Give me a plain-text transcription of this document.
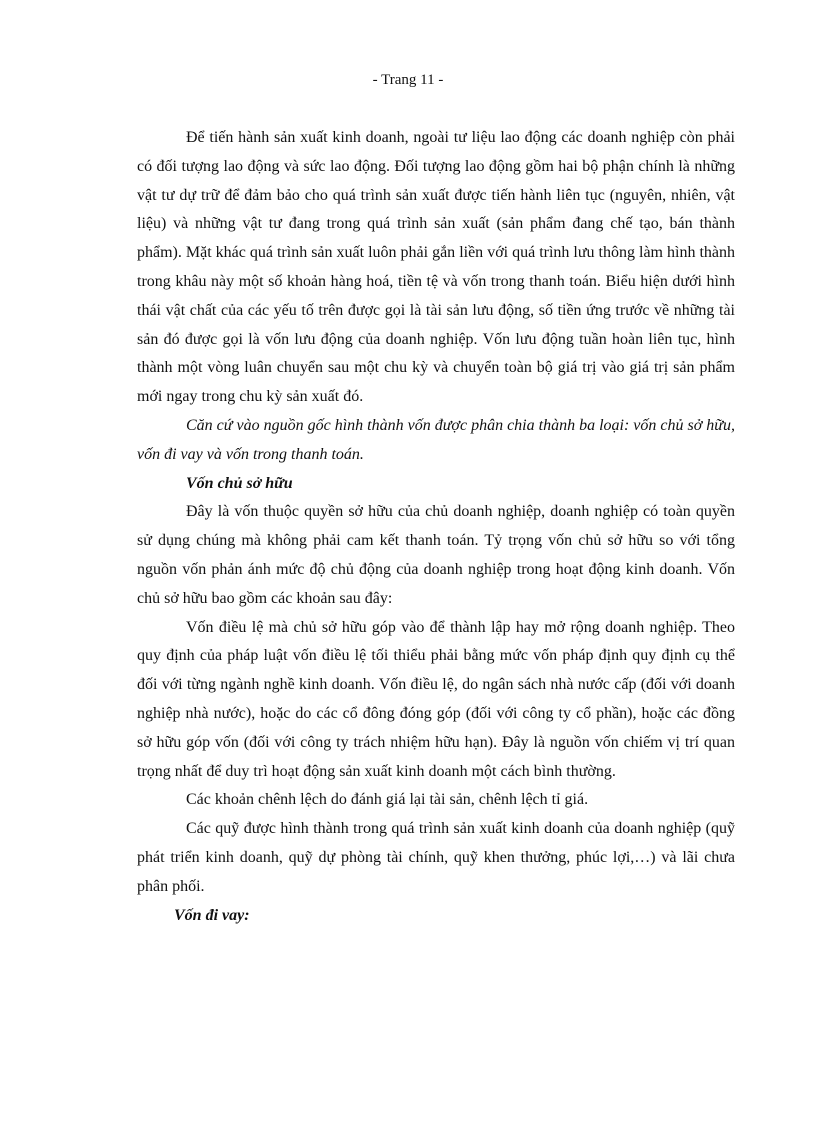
- Trang 11 -

Để tiến hành sản xuất kinh doanh, ngoài tư liệu lao động các doanh nghiệp còn phải có đối tượng lao động và sức lao động. Đối tượng lao động gồm hai bộ phận chính là những vật tư dự trữ để đảm bảo cho quá trình sản xuất được tiến hành liên tục (nguyên, nhiên, vật liệu) và những vật tư đang trong quá trình sản xuất (sản phẩm đang chế tạo, bán thành phẩm). Mặt khác quá trình sản xuất luôn phải gắn liền với quá trình lưu thông làm hình thành trong khâu này một số khoản hàng hoá, tiền tệ và vốn trong thanh toán. Biểu hiện dưới hình thái vật chất của các yếu tố trên được gọi là tài sản lưu động, số tiền ứng trước về những tài sản đó được gọi là vốn lưu động của doanh nghiệp. Vốn lưu động tuần hoàn liên tục, hình thành một vòng luân chuyển sau một chu kỳ và chuyển toàn bộ giá trị vào giá trị sản phẩm mới ngay trong chu kỳ sản xuất đó.

Căn cứ vào nguồn gốc hình thành vốn được phân chia thành ba loại: vốn chủ sở hữu, vốn đi vay và vốn trong thanh toán.

Vốn chủ sở hữu

Đây là vốn thuộc quyền sở hữu của chủ doanh nghiệp, doanh nghiệp có toàn quyền sử dụng chúng mà không phải cam kết thanh toán. Tỷ trọng vốn chủ sở hữu so với tổng nguồn vốn phản ánh mức độ chủ động của doanh nghiệp trong hoạt động kinh doanh. Vốn chủ sở hữu bao gồm các khoản sau đây:

Vốn điều lệ mà chủ sở hữu góp vào để thành lập hay mở rộng doanh nghiệp. Theo quy định của pháp luật vốn điều lệ tối thiểu phải bằng mức vốn pháp định quy định cụ thể đối với từng ngành nghề kinh doanh. Vốn điều lệ, do ngân sách nhà nước cấp (đối với doanh nghiệp nhà nước), hoặc do các cổ đông đóng góp (đối với công ty cổ phần), hoặc các đồng sở hữu góp vốn (đối với công ty trách nhiệm hữu hạn). Đây là nguồn vốn chiếm vị trí quan trọng nhất để duy trì hoạt động sản xuất kinh doanh một cách bình thường.

Các khoản chênh lệch do đánh giá lại tài sản, chênh lệch tỉ giá.

Các quỹ được hình thành trong quá trình sản xuất kinh doanh của doanh nghiệp (quỹ phát triển kinh doanh, quỹ dự phòng tài chính, quỹ khen thưởng, phúc lợi,…) và lãi chưa phân phối.

Vốn đi vay:
